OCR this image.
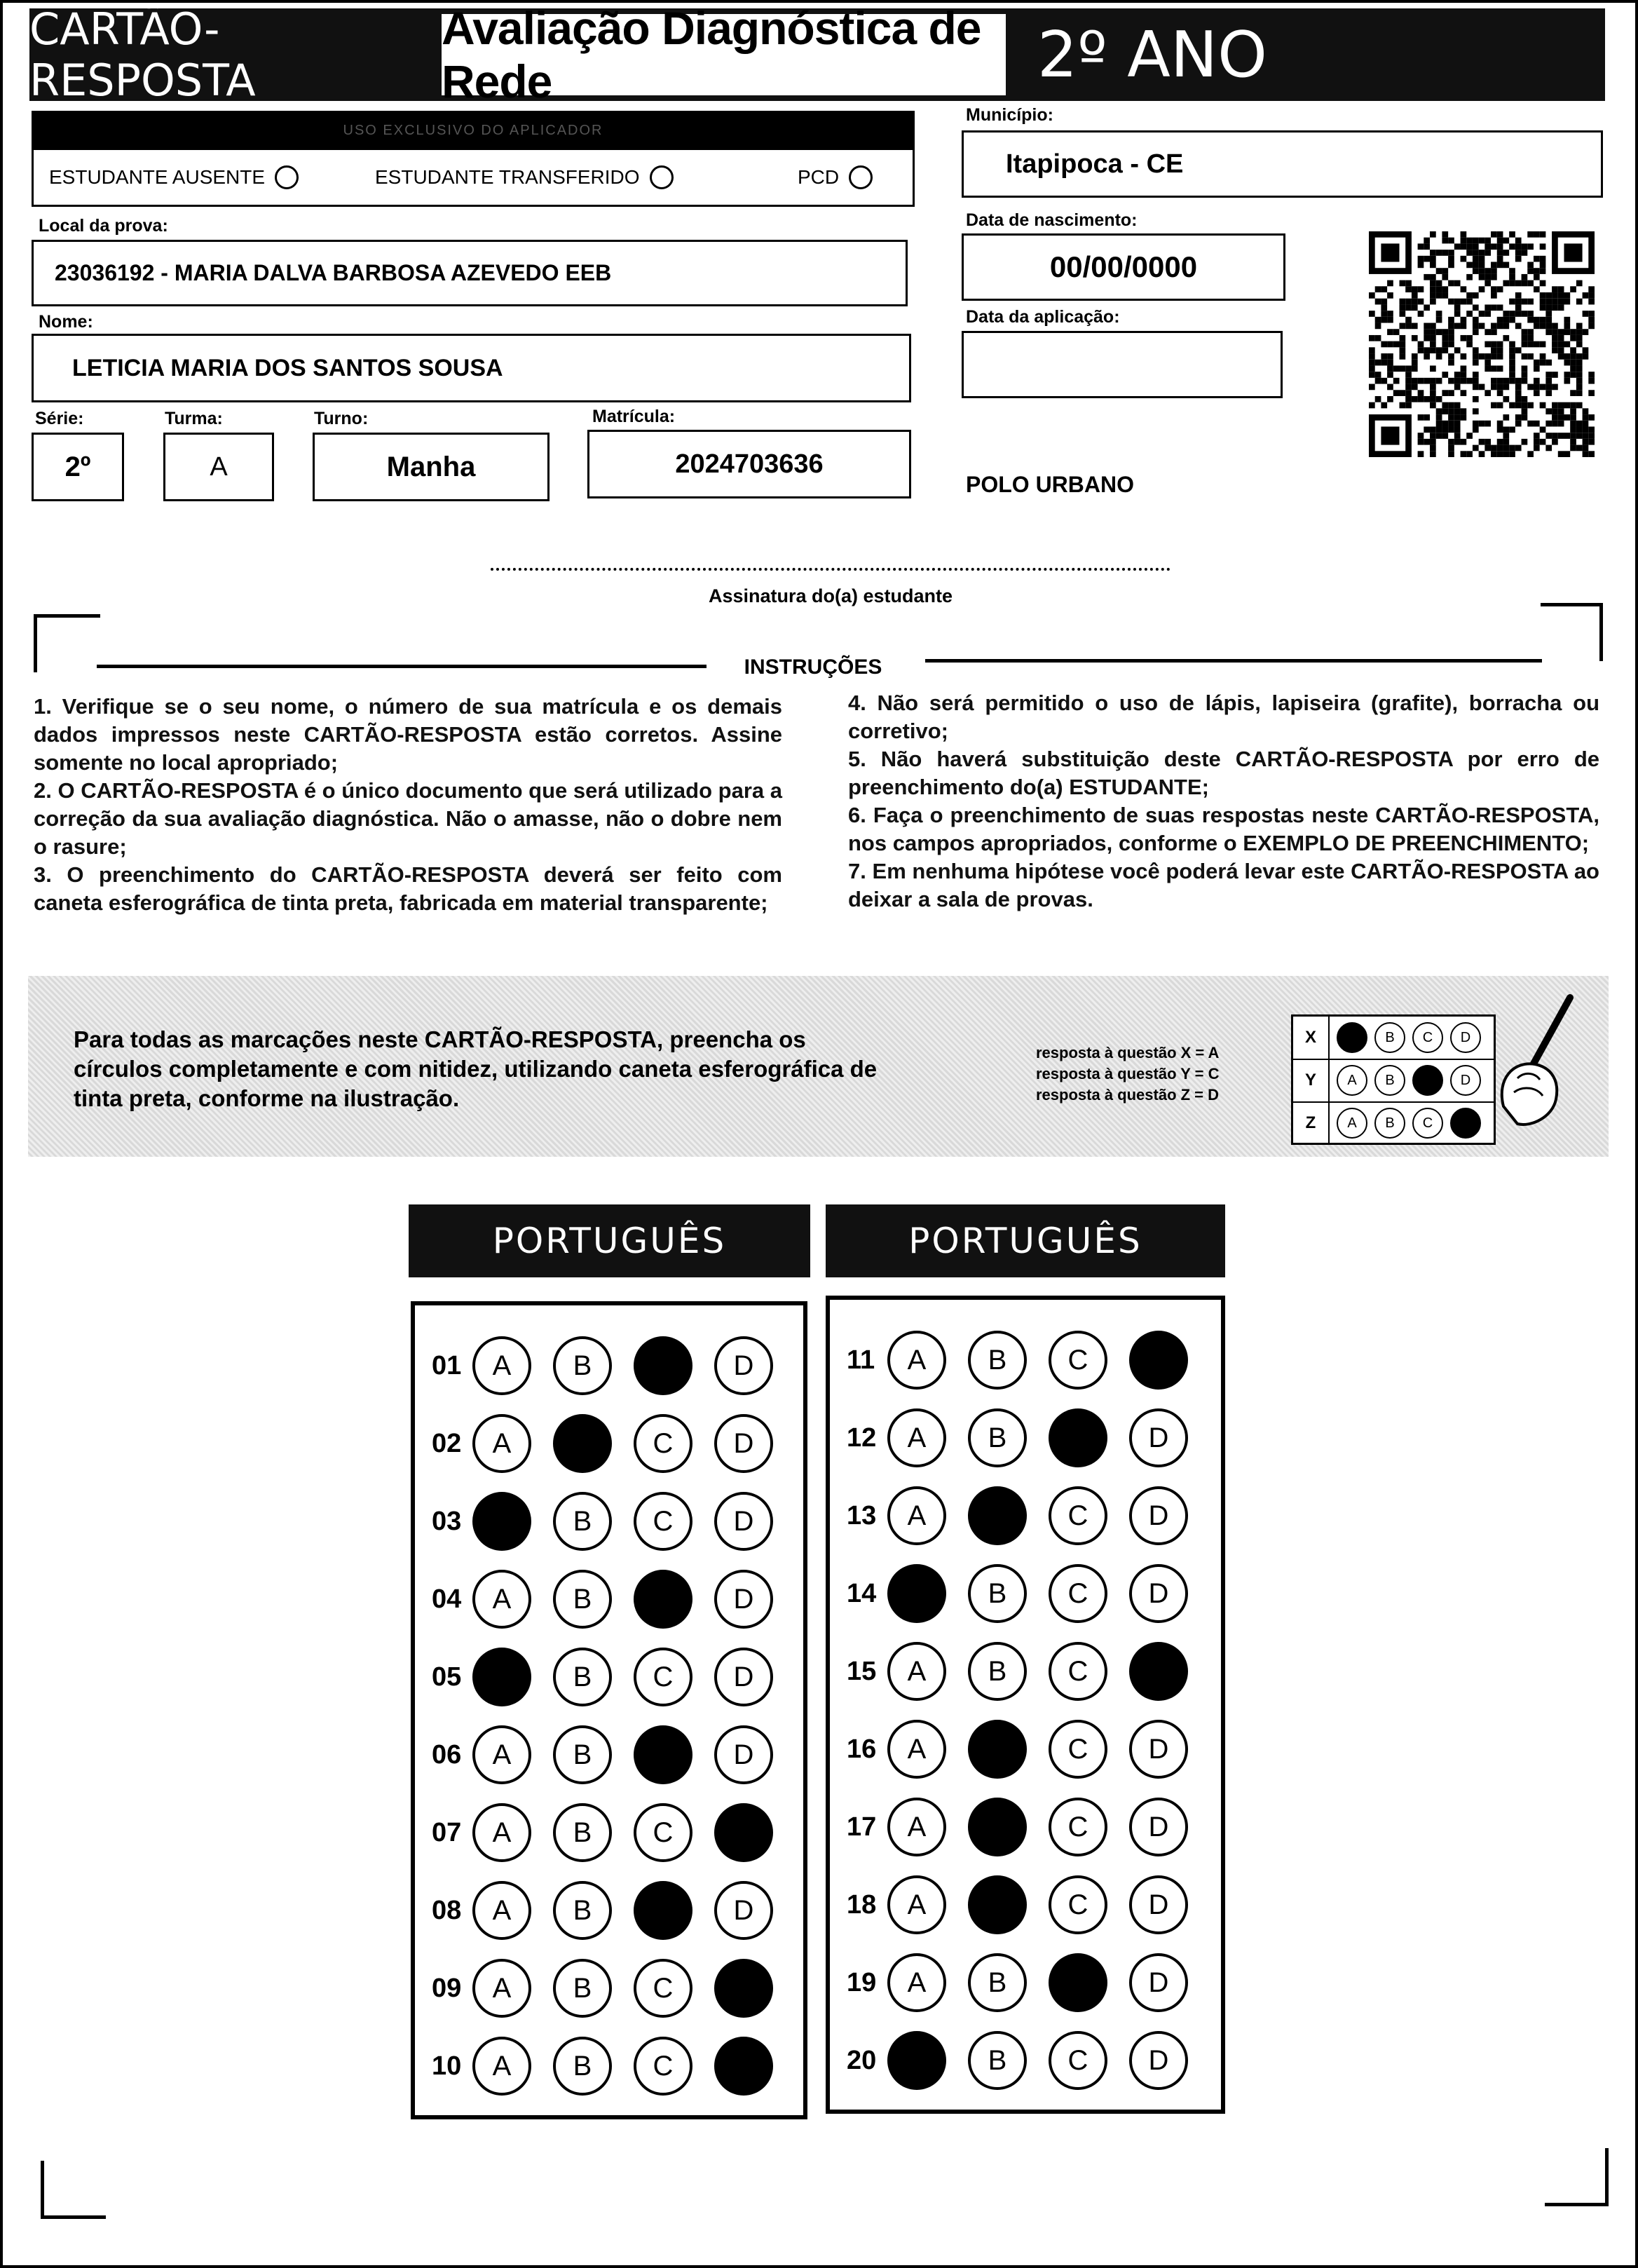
CARTÃO-RESPOSTA
Avaliação Diagnóstica de Rede	2º ANO
USO EXCLUSIVO DO APLICADOR
ESTUDANTE AUSENTE	ESTUDANTE TRANSFERIDO	PCD
Local da prova:
23036192 - MARIA DALVA BARBOSA AZEVEDO EEB
Nome:
LETICIA MARIA DOS SANTOS SOUSA
Série:
2º
Turma:
A
Turno:
Manha
Matrícula:
2024703636
Município:
Itapipoca - CE
Data de nascimento:
00/00/0000
Data da aplicação:
POLO URBANO
Assinatura do(a) estudante
INSTRUÇÕES

1. Verifique se o seu nome, o número de sua matrícula e os demais dados impressos neste CARTÃO-RESPOSTA estão corretos. Assine somente no local apropriado;

2. O CARTÃO-RESPOSTA é o único documento que será utilizado para a correção da sua avaliação diagnóstica. Não o amasse, não o dobre nem o rasure;

3. O preenchimento do CARTÃO-RESPOSTA deverá ser feito com caneta esferográfica de tinta preta, fabricada em material transparente;

4. Não será permitido o uso de lápis, lapiseira (grafite), borracha ou corretivo;

5. Não haverá substituição deste CARTÃO-RESPOSTA por erro de preenchimento do(a) ESTUDANTE;

6. Faça o preenchimento de suas respostas neste CARTÃO-RESPOSTA, nos campos apropriados, conforme o EXEMPLO DE PREENCHIMENTO;

7. Em nenhuma hipótese você poderá levar este CARTÃO-RESPOSTA ao deixar a sala de provas.

Para todas as marcações neste CARTÃO-RESPOSTA, preencha os círculos completamente e com nitidez, utilizando caneta esferográfica de tinta preta, conforme na ilustração.
resposta à questão X = A
resposta à questão Y = C
resposta à questão Z = D
X	A	B	C	D
Y	A	B	C	D
Z	A	B	C	D
PORTUGUÊS	PORTUGUÊS
01	A	B	C	D
02	A	B	C	D
03	A	B	C	D
04	A	B	C	D
05	A	B	C	D
06	A	B	C	D
07	A	B	C	D
08	A	B	C	D
09	A	B	C	D
10	A	B	C	D
11	A	B	C	D
12	A	B	C	D
13	A	B	C	D
14	A	B	C	D
15	A	B	C	D
16	A	B	C	D
17	A	B	C	D
18	A	B	C	D
19	A	B	C	D
20	A	B	C	D
